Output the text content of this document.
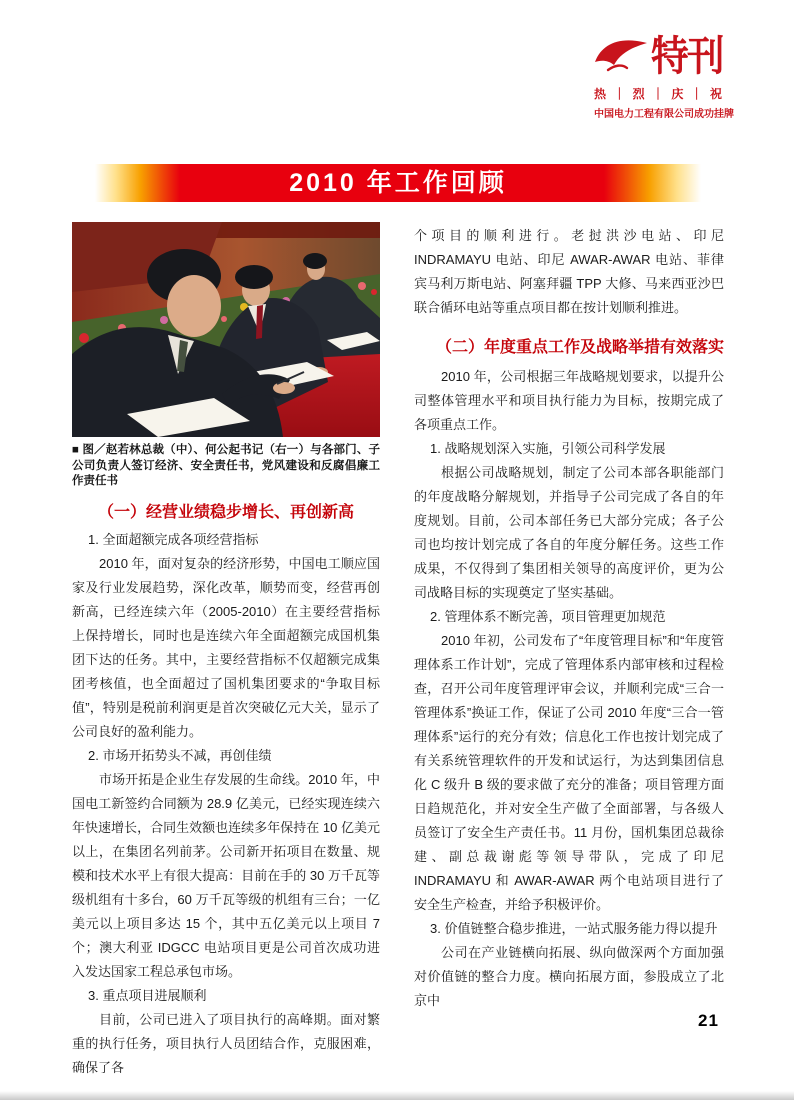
特刊
热 ｜ 烈 ｜ 庆 ｜ 祝
中国电力工程有限公司成功挂牌
2010 年工作回顾

■ 图／赵若林总裁（中）、何公起书记（右一）与各部门、子公司负责人签订经济、安全责任书，党风建设和反腐倡廉工作责任书

（一）经营业绩稳步增长、再创新高

1. 全面超额完成各项经营指标

2010 年，面对复杂的经济形势，中国电工顺应国家及行业发展趋势，深化改革，顺势而变，经营再创新高，已经连续六年（2005-2010）在主要经营指标上保持增长，同时也是连续六年全面超额完成国机集团下达的任务。其中，主要经营指标不仅超额完成集团考核值，也全面超过了国机集团要求的“争取目标值”，特别是税前利润更是首次突破亿元大关，显示了公司良好的盈利能力。

2. 市场开拓势头不减，再创佳绩

市场开拓是企业生存发展的生命线。2010 年，中国电工新签约合同额为 28.9 亿美元，已经实现连续六年快速增长，合同生效额也连续多年保持在 10 亿美元以上，在集团名列前茅。公司新开拓项目在数量、规模和技术水平上有很大提高：目前在手的 30 万千瓦等级机组有十多台，60 万千瓦等级的机组有三台；一亿美元以上项目多达 15 个，其中五亿美元以上项目 7 个；澳大利亚 IDGCC 电站项目更是公司首次成功进入发达国家工程总承包市场。

3. 重点项目进展顺利

目前，公司已进入了项目执行的高峰期。面对繁重的执行任务，项目执行人员团结合作，克服困难，确保了各

个项目的顺利进行。老挝洪沙电站、印尼 INDRAMAYU 电站、印尼 AWAR-AWAR 电站、菲律宾马利万斯电站、阿塞拜疆 TPP 大修、马来西亚沙巴联合循环电站等重点项目都在按计划顺利推进。

（二）年度重点工作及战略举措有效落实

2010 年，公司根据三年战略规划要求，以提升公司整体管理水平和项目执行能力为目标，按期完成了各项重点工作。

1. 战略规划深入实施，引领公司科学发展

根据公司战略规划，制定了公司本部各职能部门的年度战略分解规划，并指导子公司完成了各自的年度规划。目前，公司本部任务已大部分完成；各子公司也均按计划完成了各自的年度分解任务。这些工作成果，不仅得到了集团相关领导的高度评价，更为公司战略目标的实现奠定了坚实基础。

2. 管理体系不断完善，项目管理更加规范

2010 年初，公司发布了“年度管理目标”和“年度管理体系工作计划”，完成了管理体系内部审核和过程检查，召开公司年度管理评审会议，并顺利完成“三合一管理体系”换证工作，保证了公司 2010 年度“三合一管理体系”运行的充分有效；信息化工作也按计划完成了有关系统管理软件的开发和试运行，为达到集团信息化 C 级升 B 级的要求做了充分的准备；项目管理方面日趋规范化，并对安全生产做了全面部署，与各级人员签订了安全生产责任书。11 月份，国机集团总裁徐建、副总裁谢彪等领导带队，完成了印尼 INDRAMAYU 和 AWAR-AWAR 两个电站项目进行了安全生产检查，并给予积极评价。

3. 价值链整合稳步推进，一站式服务能力得以提升

公司在产业链横向拓展、纵向做深两个方面加强对价值链的整合力度。横向拓展方面，参股成立了北京中

21
